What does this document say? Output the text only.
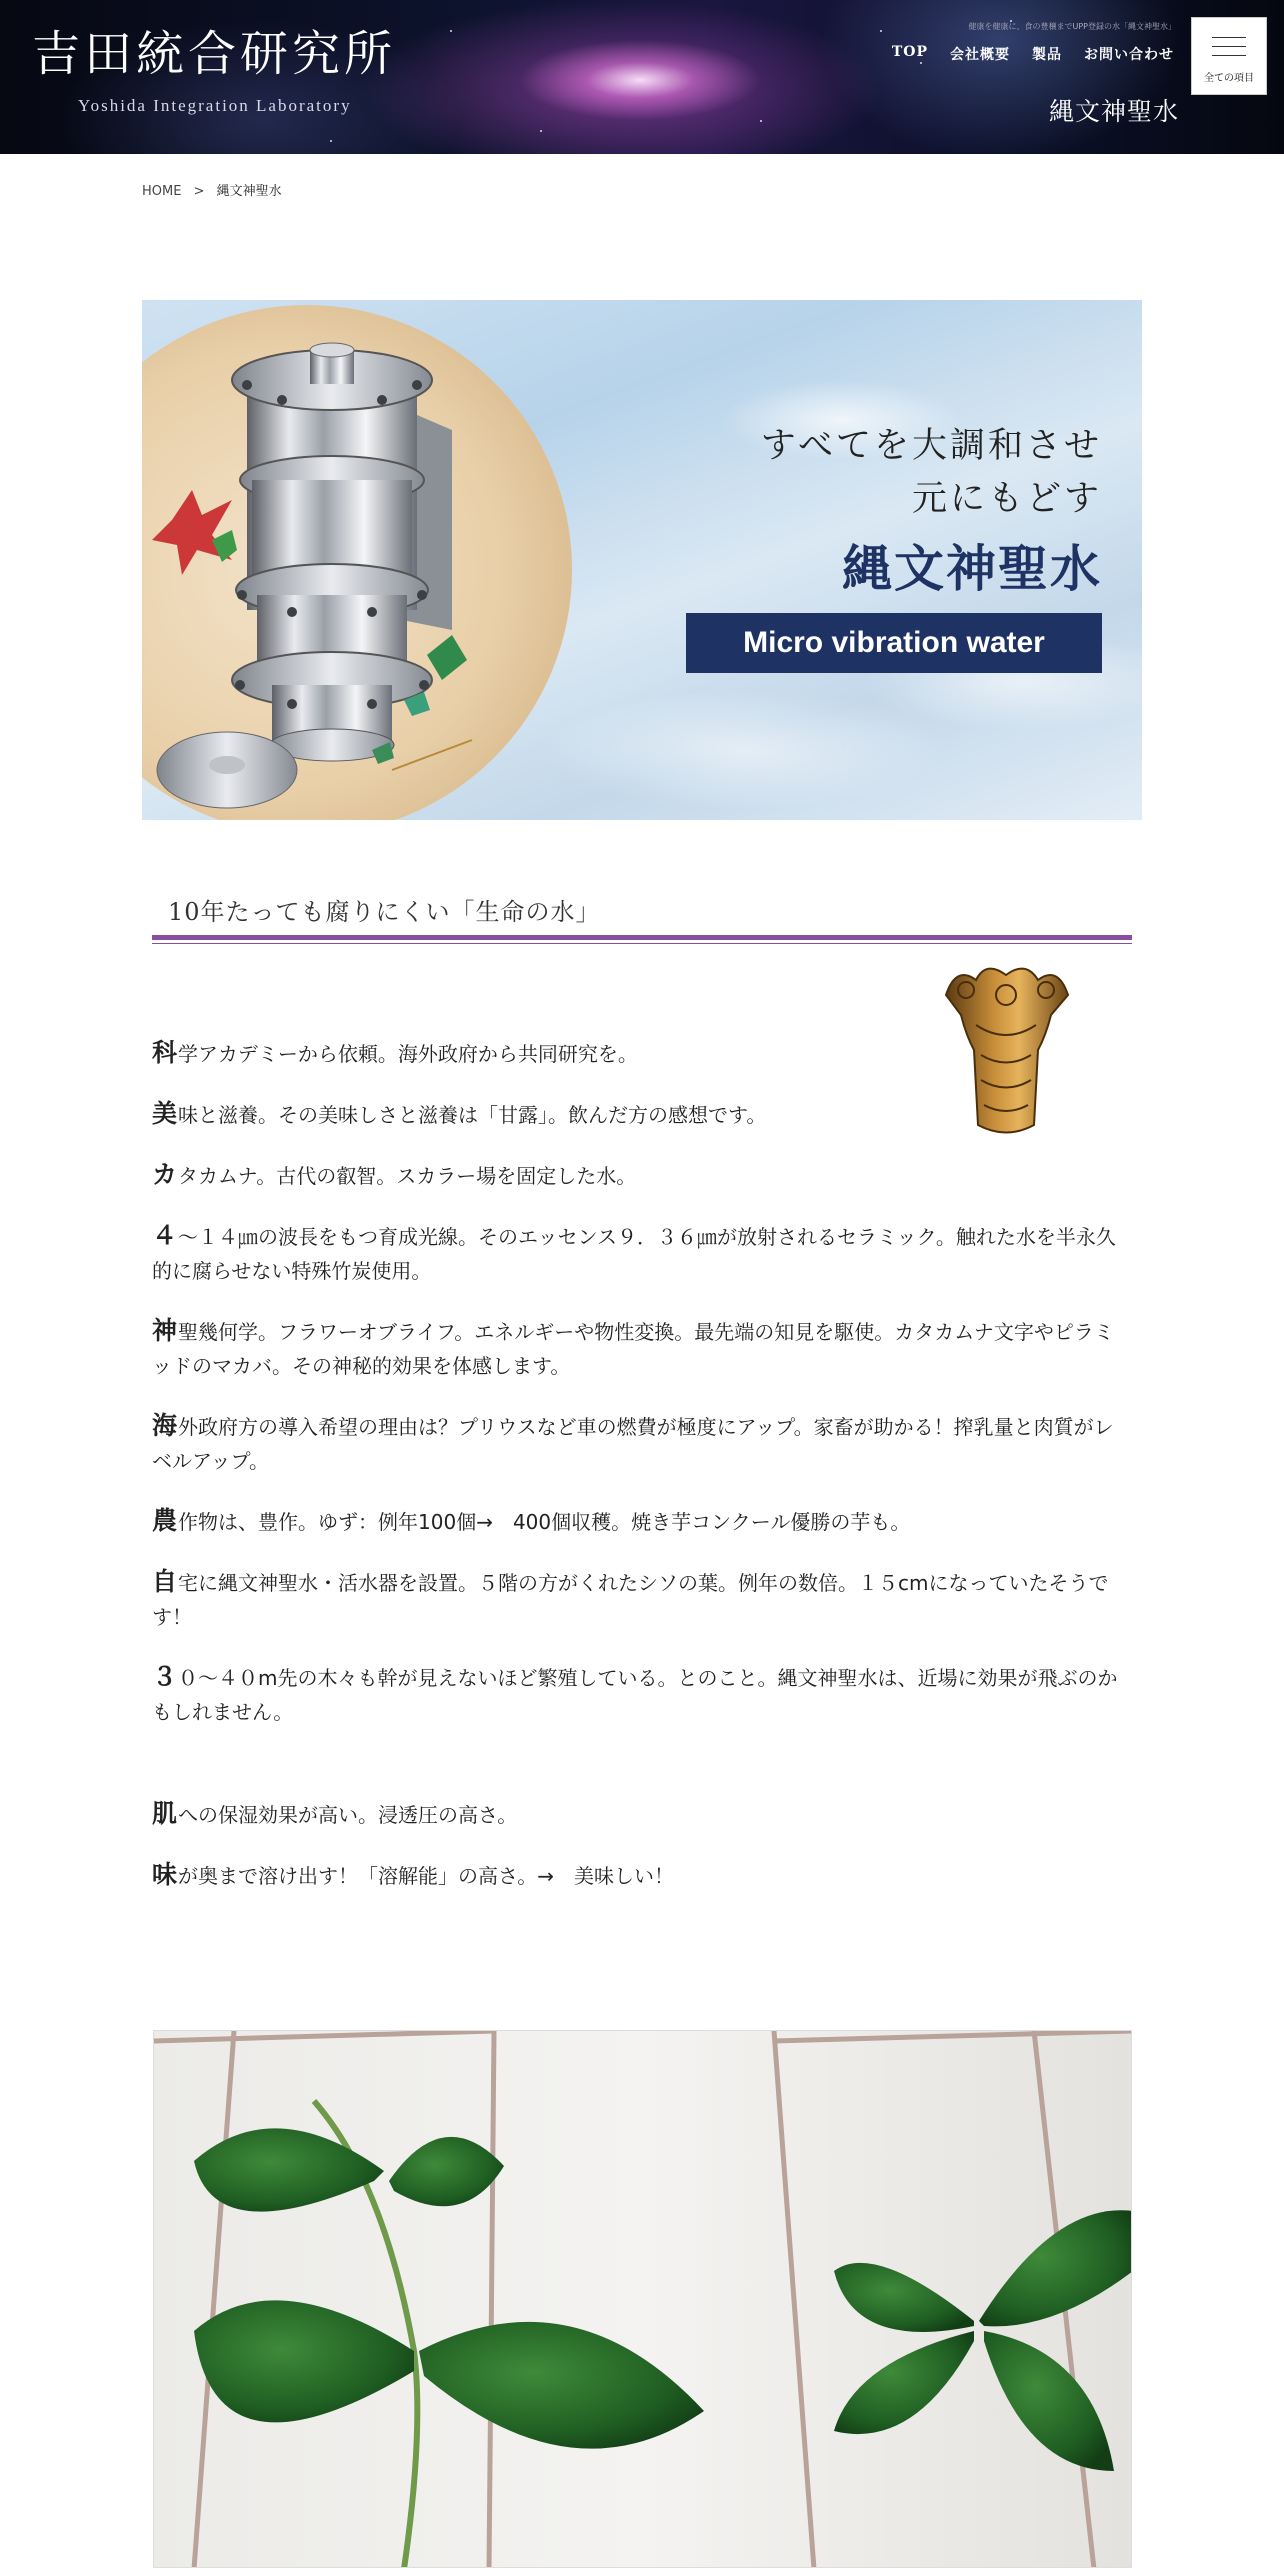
吉田統合研究所
Yoshida Integration Laboratory
健康を健康に、食の豊穣までUPP登録の水「縄文神聖水」
TOP 会社概要 製品 お問い合わせ
縄文神聖水
全ての項目
HOME > 縄文神聖水
すべてを大調和させ
元にもどす
縄文神聖水
Micro vibration water
10年たっても腐りにくい「生命の水」

科学アカデミーから依頼。海外政府から共同研究を。

美味と滋養。その美味しさと滋養は「甘露」。飲んだ方の感想です。

カタカムナ。古代の叡智。スカラー場を固定した水。

４～１４㎛の波長をもつ育成光線。そのエッセンス９．３６㎛が放射されるセラミック。触れた水を半永久的に腐らせない特殊竹炭使用。

神聖幾何学。フラワーオブライフ。エネルギーや物性変換。最先端の知見を駆使。カタカムナ文字やピラミッドのマカバ。その神秘的効果を体感します。

海外政府方の導入希望の理由は？プリウスなど車の燃費が極度にアップ。家畜が助かる！搾乳量と肉質がレベルアップ。

農作物は、豊作。ゆず：例年100個→　400個収穫。焼き芋コンクール優勝の芋も。

自宅に縄文神聖水・活水器を設置。５階の方がくれたシソの葉。例年の数倍。１５cmになっていたそうです！

３０～４０m先の木々も幹が見えないほど繁殖している。とのこと。縄文神聖水は、近場に効果が飛ぶのかもしれません。

肌への保湿効果が高い。浸透圧の高さ。

味が奥まで溶け出す！「溶解能」の高さ。→　美味しい！
